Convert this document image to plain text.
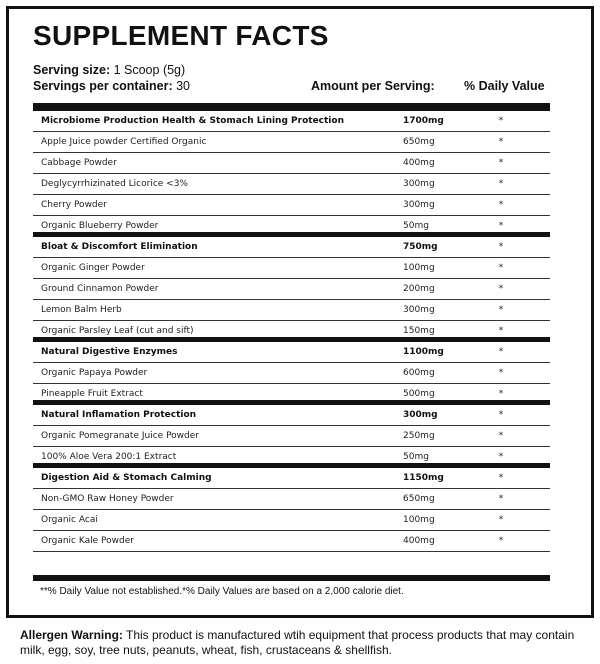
SUPPLEMENT FACTS
Serving size: 1 Scoop (5g)
Servings per container: 30	Amount per Serving: % Daily Value
Microbiome Production Health & Stomach Lining Protection	1700mg	*
Apple Juice powder Certified Organic	650mg	*
Cabbage Powder	400mg	*
Deglycyrrhizinated Licorice <3%	300mg	*
Cherry Powder	300mg	*
Organic Blueberry Powder	50mg	*
Bloat & Discomfort Elimination	750mg	*
Organic Ginger Powder	100mg	*
Ground Cinnamon Powder	200mg	*
Lemon Balm Herb	300mg	*
Organic Parsley Leaf (cut and sift)	150mg	*
Natural Digestive Enzymes	1100mg	*
Organic Papaya Powder	600mg	*
Pineapple Fruit Extract	500mg	*
Natural Inflamation Protection	300mg	*
Organic Pomegranate Juice Powder	250mg	*
100% Aloe Vera 200:1 Extract	50mg	*
Digestion Aid & Stomach Calming	1150mg	*
Non-GMO Raw Honey Powder	650mg	*
Organic Acai	100mg	*
Organic Kale Powder	400mg	*
**% Daily Value not established.*% Daily Values are based on a 2,000 calorie diet.
Allergen Warning: This product is manufactured wtih equipment that process products that may contain milk, egg, soy, tree nuts, peanuts, wheat, fish, crustaceans & shellfish.
